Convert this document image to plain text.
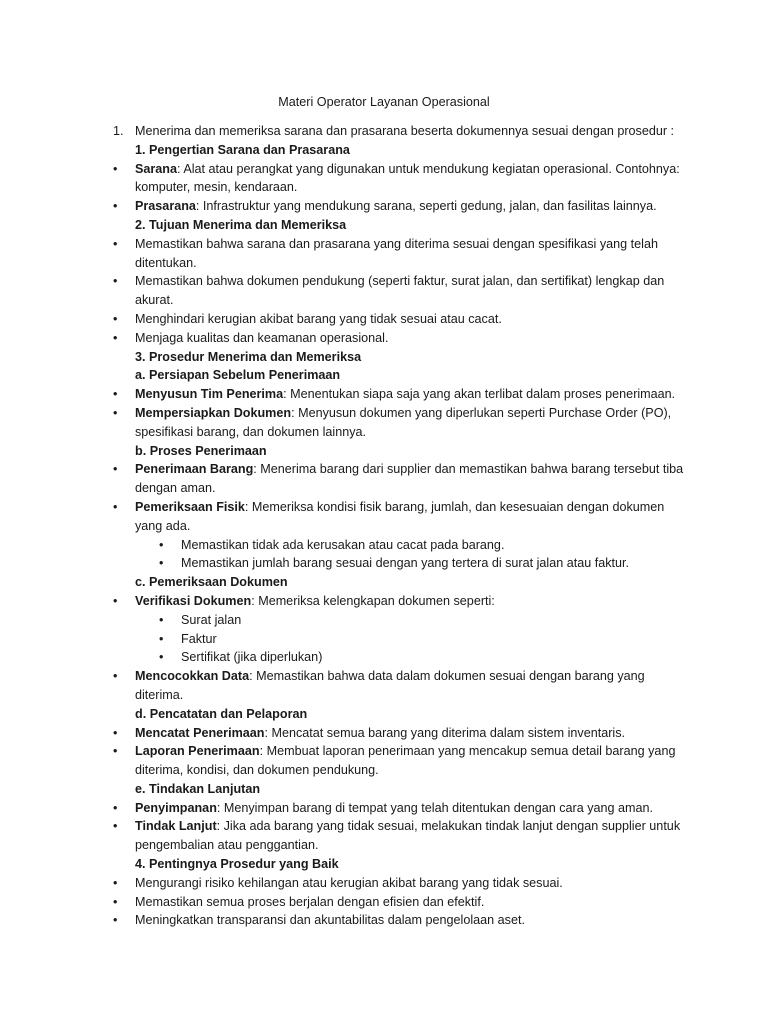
Materi Operator Layanan Operasional
1. Menerima dan memeriksa sarana dan prasarana beserta dokumennya sesuai dengan prosedur :
1. Pengertian Sarana dan Prasarana
• Sarana: Alat atau perangkat yang digunakan untuk mendukung kegiatan operasional. Contohnya: komputer, mesin, kendaraan.
• Prasarana: Infrastruktur yang mendukung sarana, seperti gedung, jalan, dan fasilitas lainnya.
2. Tujuan Menerima dan Memeriksa
• Memastikan bahwa sarana dan prasarana yang diterima sesuai dengan spesifikasi yang telah ditentukan.
• Memastikan bahwa dokumen pendukung (seperti faktur, surat jalan, dan sertifikat) lengkap dan akurat.
• Menghindari kerugian akibat barang yang tidak sesuai atau cacat.
• Menjaga kualitas dan keamanan operasional.
3. Prosedur Menerima dan Memeriksa
a. Persiapan Sebelum Penerimaan
• Menyusun Tim Penerima: Menentukan siapa saja yang akan terlibat dalam proses penerimaan.
• Mempersiapkan Dokumen: Menyusun dokumen yang diperlukan seperti Purchase Order (PO), spesifikasi barang, dan dokumen lainnya.
b. Proses Penerimaan
• Penerimaan Barang: Menerima barang dari supplier dan memastikan bahwa barang tersebut tiba dengan aman.
• Pemeriksaan Fisik: Memeriksa kondisi fisik barang, jumlah, dan kesesuaian dengan dokumen yang ada.
• Memastikan tidak ada kerusakan atau cacat pada barang.
• Memastikan jumlah barang sesuai dengan yang tertera di surat jalan atau faktur.
c. Pemeriksaan Dokumen
• Verifikasi Dokumen: Memeriksa kelengkapan dokumen seperti:
• Surat jalan
• Faktur
• Sertifikat (jika diperlukan)
• Mencocokkan Data: Memastikan bahwa data dalam dokumen sesuai dengan barang yang diterima.
d. Pencatatan dan Pelaporan
• Mencatat Penerimaan: Mencatat semua barang yang diterima dalam sistem inventaris.
• Laporan Penerimaan: Membuat laporan penerimaan yang mencakup semua detail barang yang diterima, kondisi, dan dokumen pendukung.
e. Tindakan Lanjutan
• Penyimpanan: Menyimpan barang di tempat yang telah ditentukan dengan cara yang aman.
• Tindak Lanjut: Jika ada barang yang tidak sesuai, melakukan tindak lanjut dengan supplier untuk pengembalian atau penggantian.
4. Pentingnya Prosedur yang Baik
• Mengurangi risiko kehilangan atau kerugian akibat barang yang tidak sesuai.
• Memastikan semua proses berjalan dengan efisien dan efektif.
• Meningkatkan transparansi dan akuntabilitas dalam pengelolaan aset.
